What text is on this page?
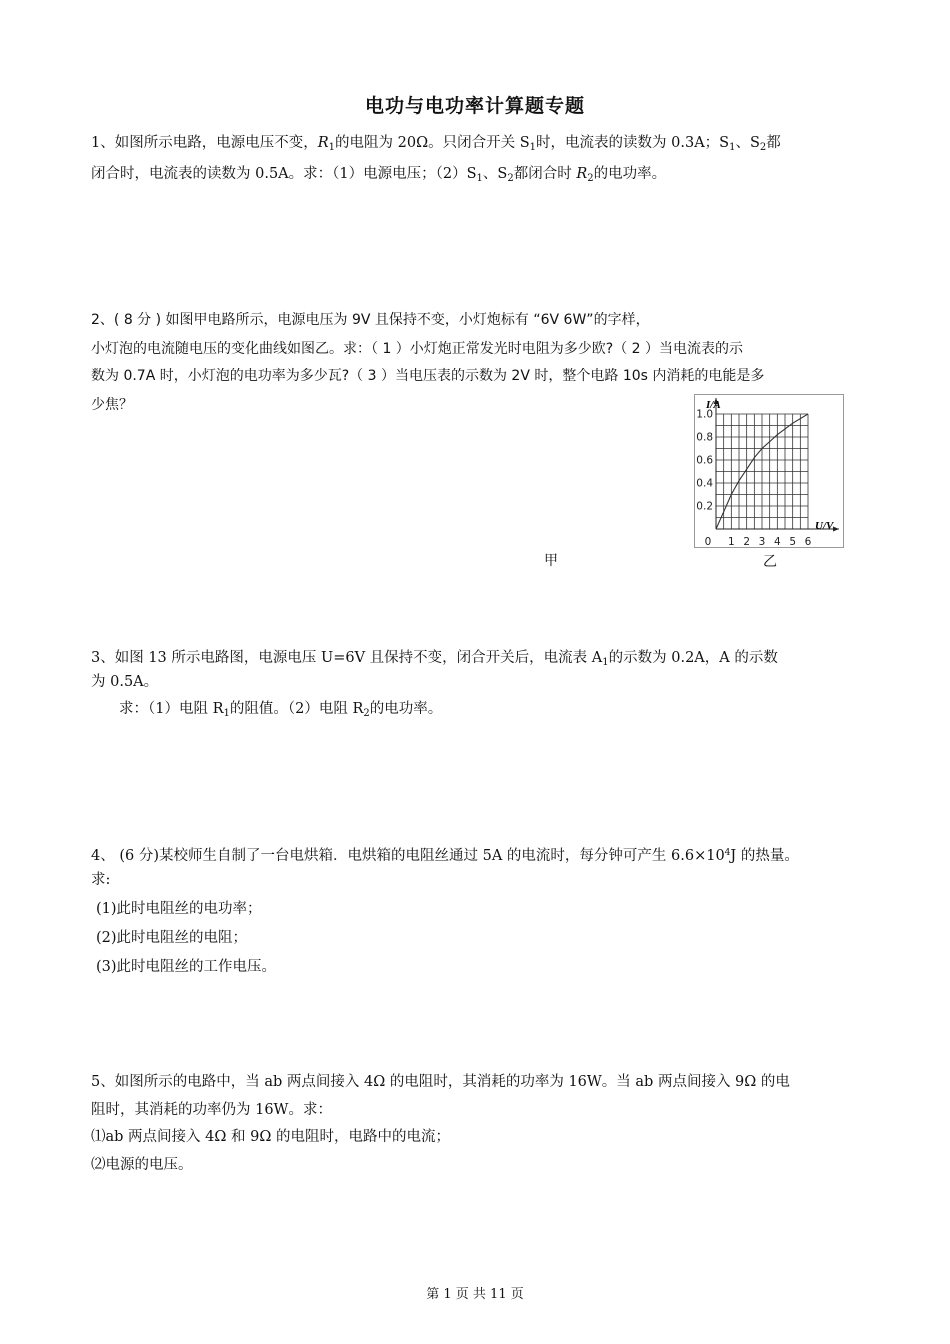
电功与电功率计算题专题
1、如图所示电路，电源电压不变，$R_1$的电阻为 20Ω。只闭合开关 $S_1$时，电流表的读数为 0.3A；$S_1$、$S_2$都
闭合时，电流表的读数为 0.5A。求：（1）电源电压；$(2)S_1$、$S_2$都闭合时 $R_2$的电功率。
2、( 8 分 ) 如图甲电路所示，电源电压为 9V 且保持不变，小灯炮标有 “6V 6W”的字样，
小灯泡的电流随电压的变化曲线如图乙。求：（ 1 ）小灯炮正常发光时电阻为多少欧?（ 2 ）当电流表的示
数为 0.7A 时，小灯泡的电功率为多少瓦?（ 3 ）当电压表的示数为 2V 时，整个电路 10s 内消耗的电能是多
少焦？
0 1 2 3 4 5 6
0.2
0.4
0.6
0.8
1.0
I/A
U/V
甲	乙
3、如图 13 所示电路图，电源电压 U=6V 且保持不变，闭合开关后，电流表 $A_1$的示数为 0.2A，A 的示数
为 0.5A。
求：（1）电阻 $R_1$的阻值。（2）电阻 $R_2$的电功率。
4、 (6 分)某校师生自制了一台电烘箱．电烘箱的电阻丝通过 5A 的电流时，每分钟可产生 $6.6\times 10^4J$ 的热量。
求:
(1)此时电阻丝的电功率；
(2)此时电阻丝的电阻；
(3)此时电阻丝的工作电压。
5、如图所示的电路中，当 ab 两点间接入 4Ω 的电阻时，其消耗的功率为 16W。当 ab 两点间接入 9Ω 的电
阻时，其消耗的功率仍为 16W。求：
⑴ab 两点间接入 4Ω 和 9Ω 的电阻时，电路中的电流；
⑵电源的电压。
第 1 页 共 11 页
